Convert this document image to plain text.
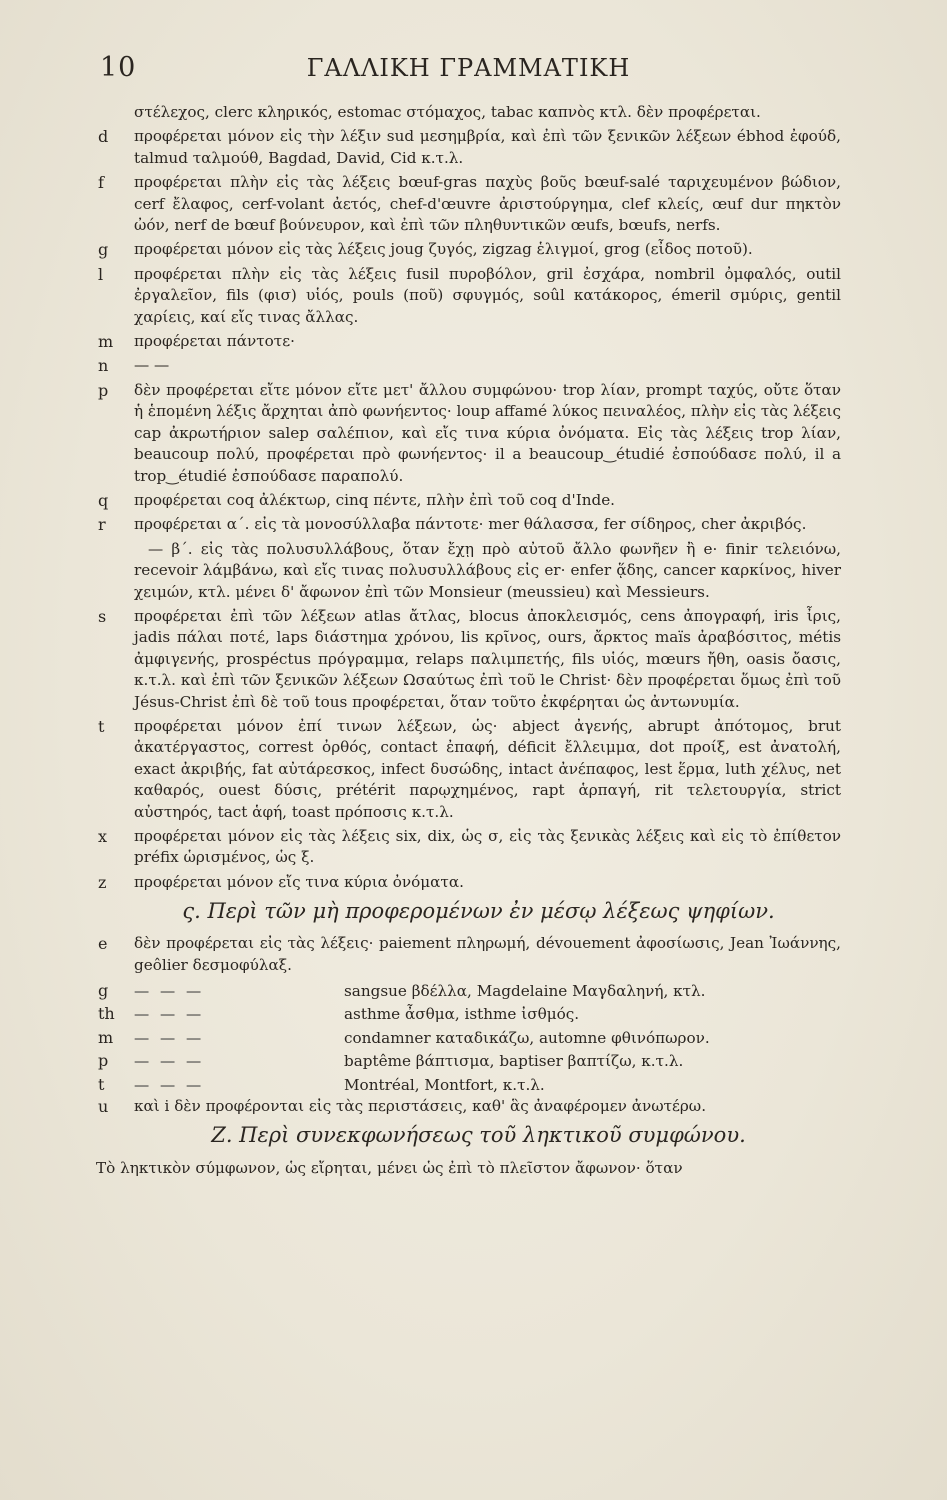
10	ΓΑΛΛΙΚΗ ΓΡΑΜΜΑΤΙΚΗ
στέλεχος, clerc κληρικός, estomac στόμαχος, tabac καπνὸς κτλ. δὲν προφέρεται.
d	προφέρεται μόνον εἰς τὴν λέξιν sud μεσημβρία, καὶ ἐπὶ τῶν ξενικῶν λέξεων ébhod ἐφούδ, talmud ταλμούθ, Bagdad, David, Cid κ.τ.λ.
f	προφέρεται πλὴν εἰς τὰς λέξεις bœuf-gras παχὺς βοῦς bœuf-salé ταριχευμένον βώδιον, cerf ἔλαφος, cerf-volant ἀετός, chef-d'œuvre ἀριστούργημα, clef κλείς, œuf dur πηκτὸν ὠόν, nerf de bœuf βούνευρον, καὶ ἐπὶ τῶν πληθυντικῶν œufs, bœufs, nerfs.
g	προφέρεται μόνον εἰς τὰς λέξεις joug ζυγός, zigzag ἑλιγμοί, grog (εἶδος ποτοῦ).
l	προφέρεται πλὴν εἰς τὰς λέξεις fusil πυροβόλον, gril ἐσχάρα, nombril ὀμφαλός, outil ἐργαλεῖον, fils (φισ) υἱός, pouls (ποῦ) σφυγμός, soûl κατάκορος, émeril σμύρις, gentil χαρίεις, καί εἴς τινας ἄλλας.
m	προφέρεται πάντοτε·
n	— —
p	δὲν προφέρεται εἴτε μόνον εἴτε μετ' ἄλλου συμφώνου· trop λίαν, prompt ταχύς, οὔτε ὅταν ἡ ἑπομένη λέξις ἄρχηται ἀπὸ φωνήεντος· loup affamé λύκος πειναλέος, πλὴν εἰς τὰς λέξεις cap ἀκρωτήριον salep σαλέπιον, καὶ εἴς τινα κύρια ὀνόματα. Εἰς τὰς λέξεις trop λίαν, beaucoup πολύ, προφέρεται πρὸ φωνήεντος· il a beaucoup‿étudié ἐσπούδασε πολύ, il a trop‿étudié ἐσπούδασε παραπολύ.
q	προφέρεται coq ἀλέκτωρ, cinq πέντε, πλὴν ἐπὶ τοῦ coq d'Inde.
r	προφέρεται α΄. εἰς τὰ μονοσύλλαβα πάντοτε· mer θάλασσα, fer σίδηρος, cher ἀκριβός.
— β΄. εἰς τὰς πολυσυλλάβους, ὅταν ἔχῃ πρὸ αὐτοῦ ἄλλο φωνῆεν ἢ e· finir τελειόνω, recevoir λάμβάνω, καὶ εἴς τινας πολυσυλλάβους εἰς er· enfer ᾅδης, cancer καρκίνος, hiver χειμών, κτλ. μένει δ' ἄφωνον ἐπὶ τῶν Monsieur (meussieu) καὶ Messieurs.
s	προφέρεται ἐπὶ τῶν λέξεων atlas ἄτλας, blocus ἀποκλεισμός, cens ἀπογραφή, iris ἶρις, jadis πάλαι ποτέ, laps διάστημα χρόνου, lis κρῖνος, ours, ἄρκτος maïs ἀραβόσιτος, métis ἀμφιγενής, prospéctus πρόγραμμα, relaps παλιμπετής, fils υἱός, mœurs ἤθη, oasis ὄασις, κ.τ.λ. καὶ ἐπὶ τῶν ξενικῶν λέξεων Ωσαύτως ἐπὶ τοῦ le Christ· δὲν προφέρεται ὅμως ἐπὶ τοῦ Jésus-Christ ἐπὶ δὲ τοῦ tous προφέρεται, ὅταν τοῦτο ἐκφέρηται ὡς ἀντωνυμία.
t	προφέρεται μόνον ἐπί τινων λέξεων, ὡς· abject ἀγενής, abrupt ἀπότομος, brut ἀκατέργαστος, correst ὀρθός, contact ἐπαφή, déficit ἔλλειμμα, dot προίξ, est ἀνατολή, exact ἀκριβής, fat αὐτάρεσκος, infect δυσώδης, intact ἀνέπαφος, lest ἕρμα, luth χέλυς, net καθαρός, ouest δύσις, prétérit παρῳχημένος, rapt ἁρπαγή, rit τελετουργία, strict αὐστηρός, tact ἁφή, toast πρόποσις κ.τ.λ.
x	προφέρεται μόνον εἰς τὰς λέξεις six, dix, ὡς σ, εἰς τὰς ξενικὰς λέξεις καὶ εἰς τὸ ἐπίθετον préfix ὡρισμένος, ὡς ξ.
z	προφέρεται μόνον εἴς τινα κύρια ὀνόματα.
ς. Περὶ τῶν μὴ προφερομένων ἐν μέσῳ λέξεως ψηφίων.
e	δὲν προφέρεται εἰς τὰς λέξεις· paiement πληρωμή, dévouement ἀφοσίωσις, Jean Ἰωάννης, geôlier δεσμοφύλαξ.
g	— — —	sangsue βδέλλα, Magdelaine Μαγδαληνή, κτλ.
th	— — —	asthme ἆσθμα, isthme ἰσθμός.
m	— — —	condamner καταδικάζω, automne φθινόπωρον.
p	— — —	baptême βάπτισμα, baptiser βαπτίζω, κ.τ.λ.
t	— — —	Montréal, Montfort, κ.τ.λ.
u	καὶ i δὲν προφέρονται εἰς τὰς περιστάσεις, καθ' ἃς ἀναφέρομεν ἀνωτέρω.
Ζ. Περὶ συνεκφωνήσεως τοῦ ληκτικοῦ συμφώνου.
Τὸ ληκτικὸν σύμφωνον, ὡς εἴρηται, μένει ὡς ἐπὶ τὸ πλεῖστον ἄφωνον· ὅταν
